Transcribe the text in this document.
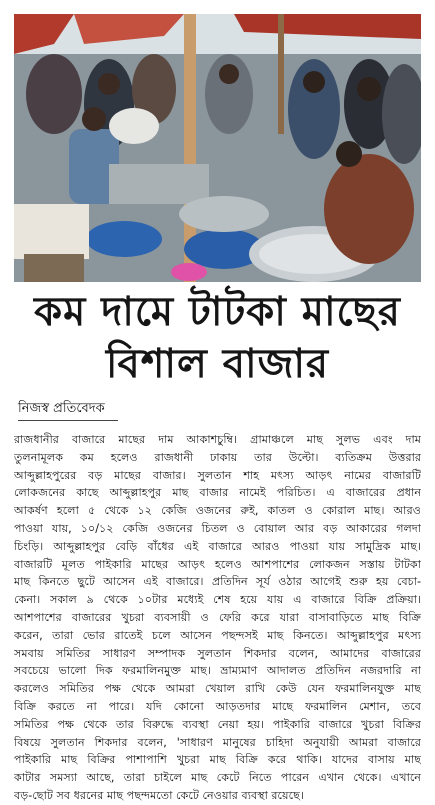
কম দামে টাটকা মাছের
বিশাল বাজার
নিজস্ব প্রতিবেদক
রাজধানীর বাজারে মাছের দাম আকাশচুম্বি। গ্রামাঞ্চলে মাছ সুলভ এবং দাম
তুলনামূলক কম হলেও রাজধানী ঢাকায় তার উল্টো। ব্যতিক্রম উত্তরার
আব্দুল্লাহপুরের বড় মাছের বাজার। সুলতান শাহ মৎস্য আড়ৎ নামের বাজারটি
লোকজনের কাছে আব্দুল্লাহপুর মাছ বাজার নামেই পরিচিত। এ বাজারের প্রধান
আকর্ষণ হলো ৫ থেকে ১২ কেজি ওজনের রুই, কাতল ও কোরাল মাছ। আরও
পাওয়া যায়, ১০/১২ কেজি ওজনের চিতল ও বোয়াল আর বড় আকারের গলদা
চিংড়ি। আব্দুল্লাহপুর বেড়ি বাঁধের এই বাজারে আরও পাওয়া যায় সামুদ্রিক মাছ।
বাজারটি মূলত পাইকারি মাছের আড়ৎ হলেও আশপাশের লোকজন সস্তায় টাটকা
মাছ কিনতে ছুটে আসেন এই বাজারে। প্রতিদিন সূর্য ওঠার আগেই শুরু হয় বেচা-
কেনা। সকাল ৯ থেকে ১০টার মধ্যেই শেষ হয়ে যায় এ বাজারে বিক্রি প্রক্রিয়া।
আশপাশের বাজারের খুচরা ব্যবসায়ী ও ফেরি করে যারা বাসাবাড়িতে মাছ বিক্রি
করেন, তারা ভোর রাতেই চলে আসেন পছন্দসই মাছ কিনতে। আব্দুল্লাহপুর মৎস্য
সমবায় সমিতির সাধারণ সম্পাদক সুলতান শিকদার বলেন, আমাদের বাজারের
সবচেয়ে ভালো দিক ফরমালিনমুক্ত মাছ। ভ্রাম্যমাণ আদালত প্রতিদিন নজরদারি না
করলেও সমিতির পক্ষ থেকে আমরা খেয়াল রাখি কেউ যেন ফরমালিনযুক্ত মাছ
বিক্রি করতে না পারে। যদি কোনো আড়তদার মাছে ফরমালিন মেশান, তবে
সমিতির পক্ষ থেকে তার বিরুদ্ধে ব্যবস্থা নেয়া হয়। পাইকারি বাজারে খুচরা বিক্রির
বিষয়ে সুলতান শিকদার বলেন, 'সাধারণ মানুষের চাহিদা অনুযায়ী আমরা বাজারে
পাইকারি মাছ বিক্রির পাশাপাশি খুচরা মাছ বিক্রি করে থাকি। যাদের বাসায় মাছ
কাটার সমস্যা আছে, তারা চাইলে মাছ কেটে নিতে পারেন এখান থেকে। এখানে
বড়-ছোট সব ধরনের মাছ পছন্দমতো কেটে নেওয়ার ব্যবস্থা রয়েছে।
